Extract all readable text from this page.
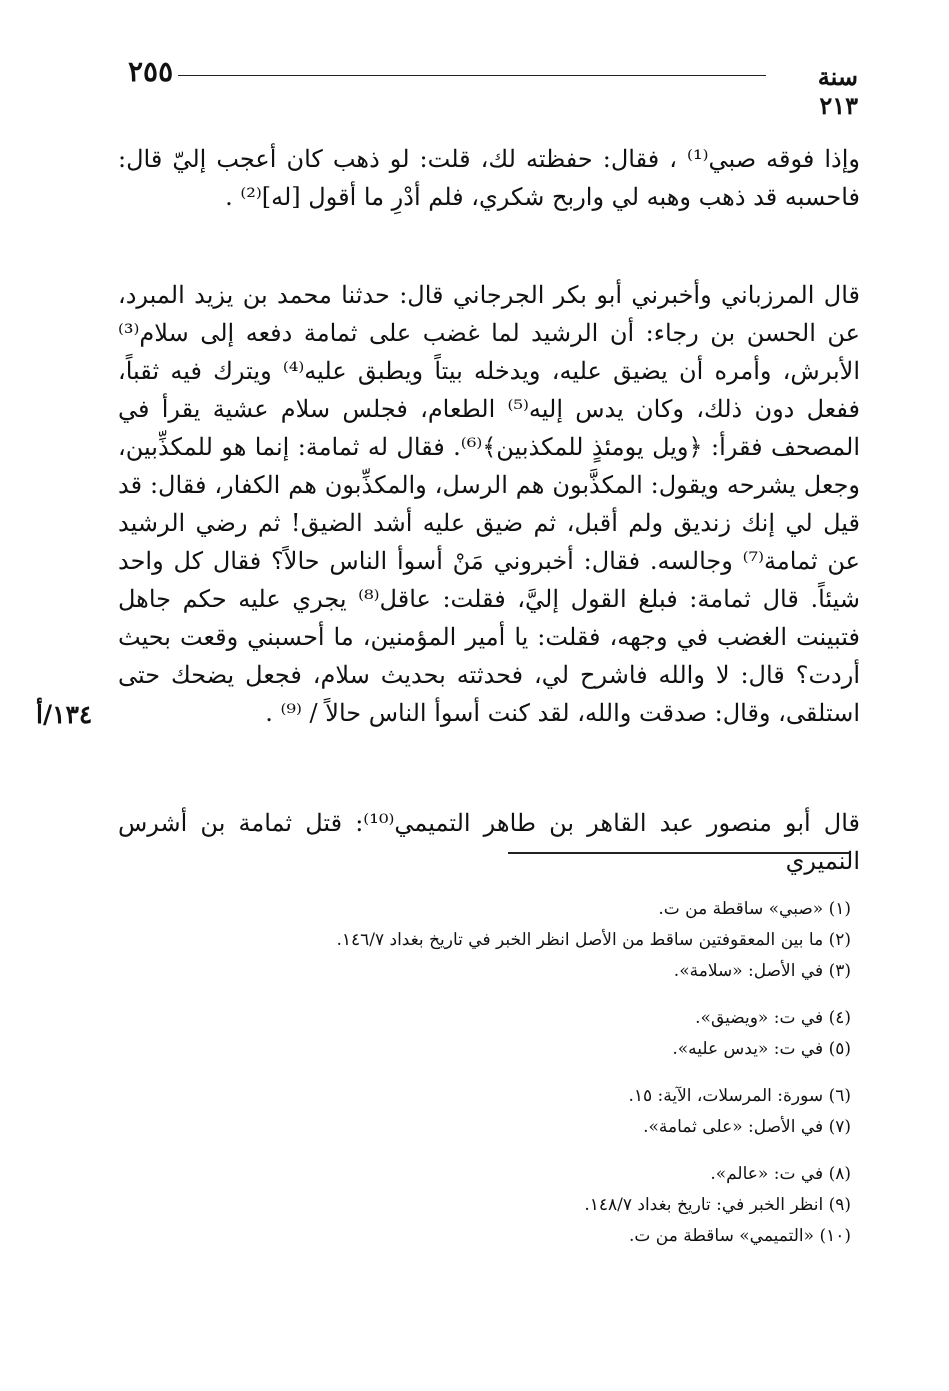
٢٥٥	سنة ٢١٣

وإذا فوقه صبي⁽¹⁾ ، فقال: حفظته لك، قلت: لو ذهب كان أعجب إليّ قال: فاحسبه قد ذهب وهبه لي واربح شكري، فلم أدْرِ ما أقول [له]⁽²⁾ .

قال المرزباني وأخبرني أبو بكر الجرجاني قال: حدثنا محمد بن يزيد المبرد، عن الحسن بن رجاء: أن الرشيد لما غضب على ثمامة دفعه إلى سلام⁽³⁾ الأبرش، وأمره أن يضيق عليه، ويدخله بيتاً ويطبق عليه⁽⁴⁾ ويترك فيه ثقباً، ففعل دون ذلك، وكان يدس إليه⁽⁵⁾ الطعام، فجلس سلام عشية يقرأ في المصحف فقرأ: ﴿ويل يومئذٍ للمكذبين﴾⁽⁶⁾. فقال له ثمامة: إنما هو للمكذِّبين، وجعل يشرحه ويقول: المكذَّبون هم الرسل، والمكذِّبون هم الكفار، فقال: قد قيل لي إنك زنديق ولم أقبل، ثم ضيق عليه أشد الضيق! ثم رضي الرشيد عن ثمامة⁽⁷⁾ وجالسه. فقال: أخبروني مَنْ أسوأ الناس حالاً؟ فقال كل واحد شيئاً. قال ثمامة: فبلغ القول إليَّ، فقلت: عاقل⁽⁸⁾ يجري عليه حكم جاهل فتبينت الغضب في وجهه، فقلت: يا أمير المؤمنين، ما أحسبني وقعت بحيث أردت؟ قال: لا والله فاشرح لي، فحدثته بحديث سلام، فجعل يضحك حتى استلقى، وقال: صدقت والله، لقد كنت أسوأ الناس حالاً / ⁽⁹⁾ .

١٣٤/أ

قال أبو منصور عبد القاهر بن طاهر التميمي⁽¹⁰⁾: قتل ثمامة بن أشرس النميري

(١) «صبي» ساقطة من ت.
(٢) ما بين المعقوفتين ساقط من الأصل انظر الخبر في تاريخ بغداد ١٤٦/٧.
(٣) في الأصل: «سلامة».
(٤) في ت: «ويضيق».
(٥) في ت: «يدس عليه».
(٦) سورة: المرسلات، الآية: ١٥.
(٧) في الأصل: «على ثمامة».
(٨) في ت: «عالم».
(٩) انظر الخبر في: تاريخ بغداد ١٤٨/٧.
(١٠) «التميمي» ساقطة من ت.
